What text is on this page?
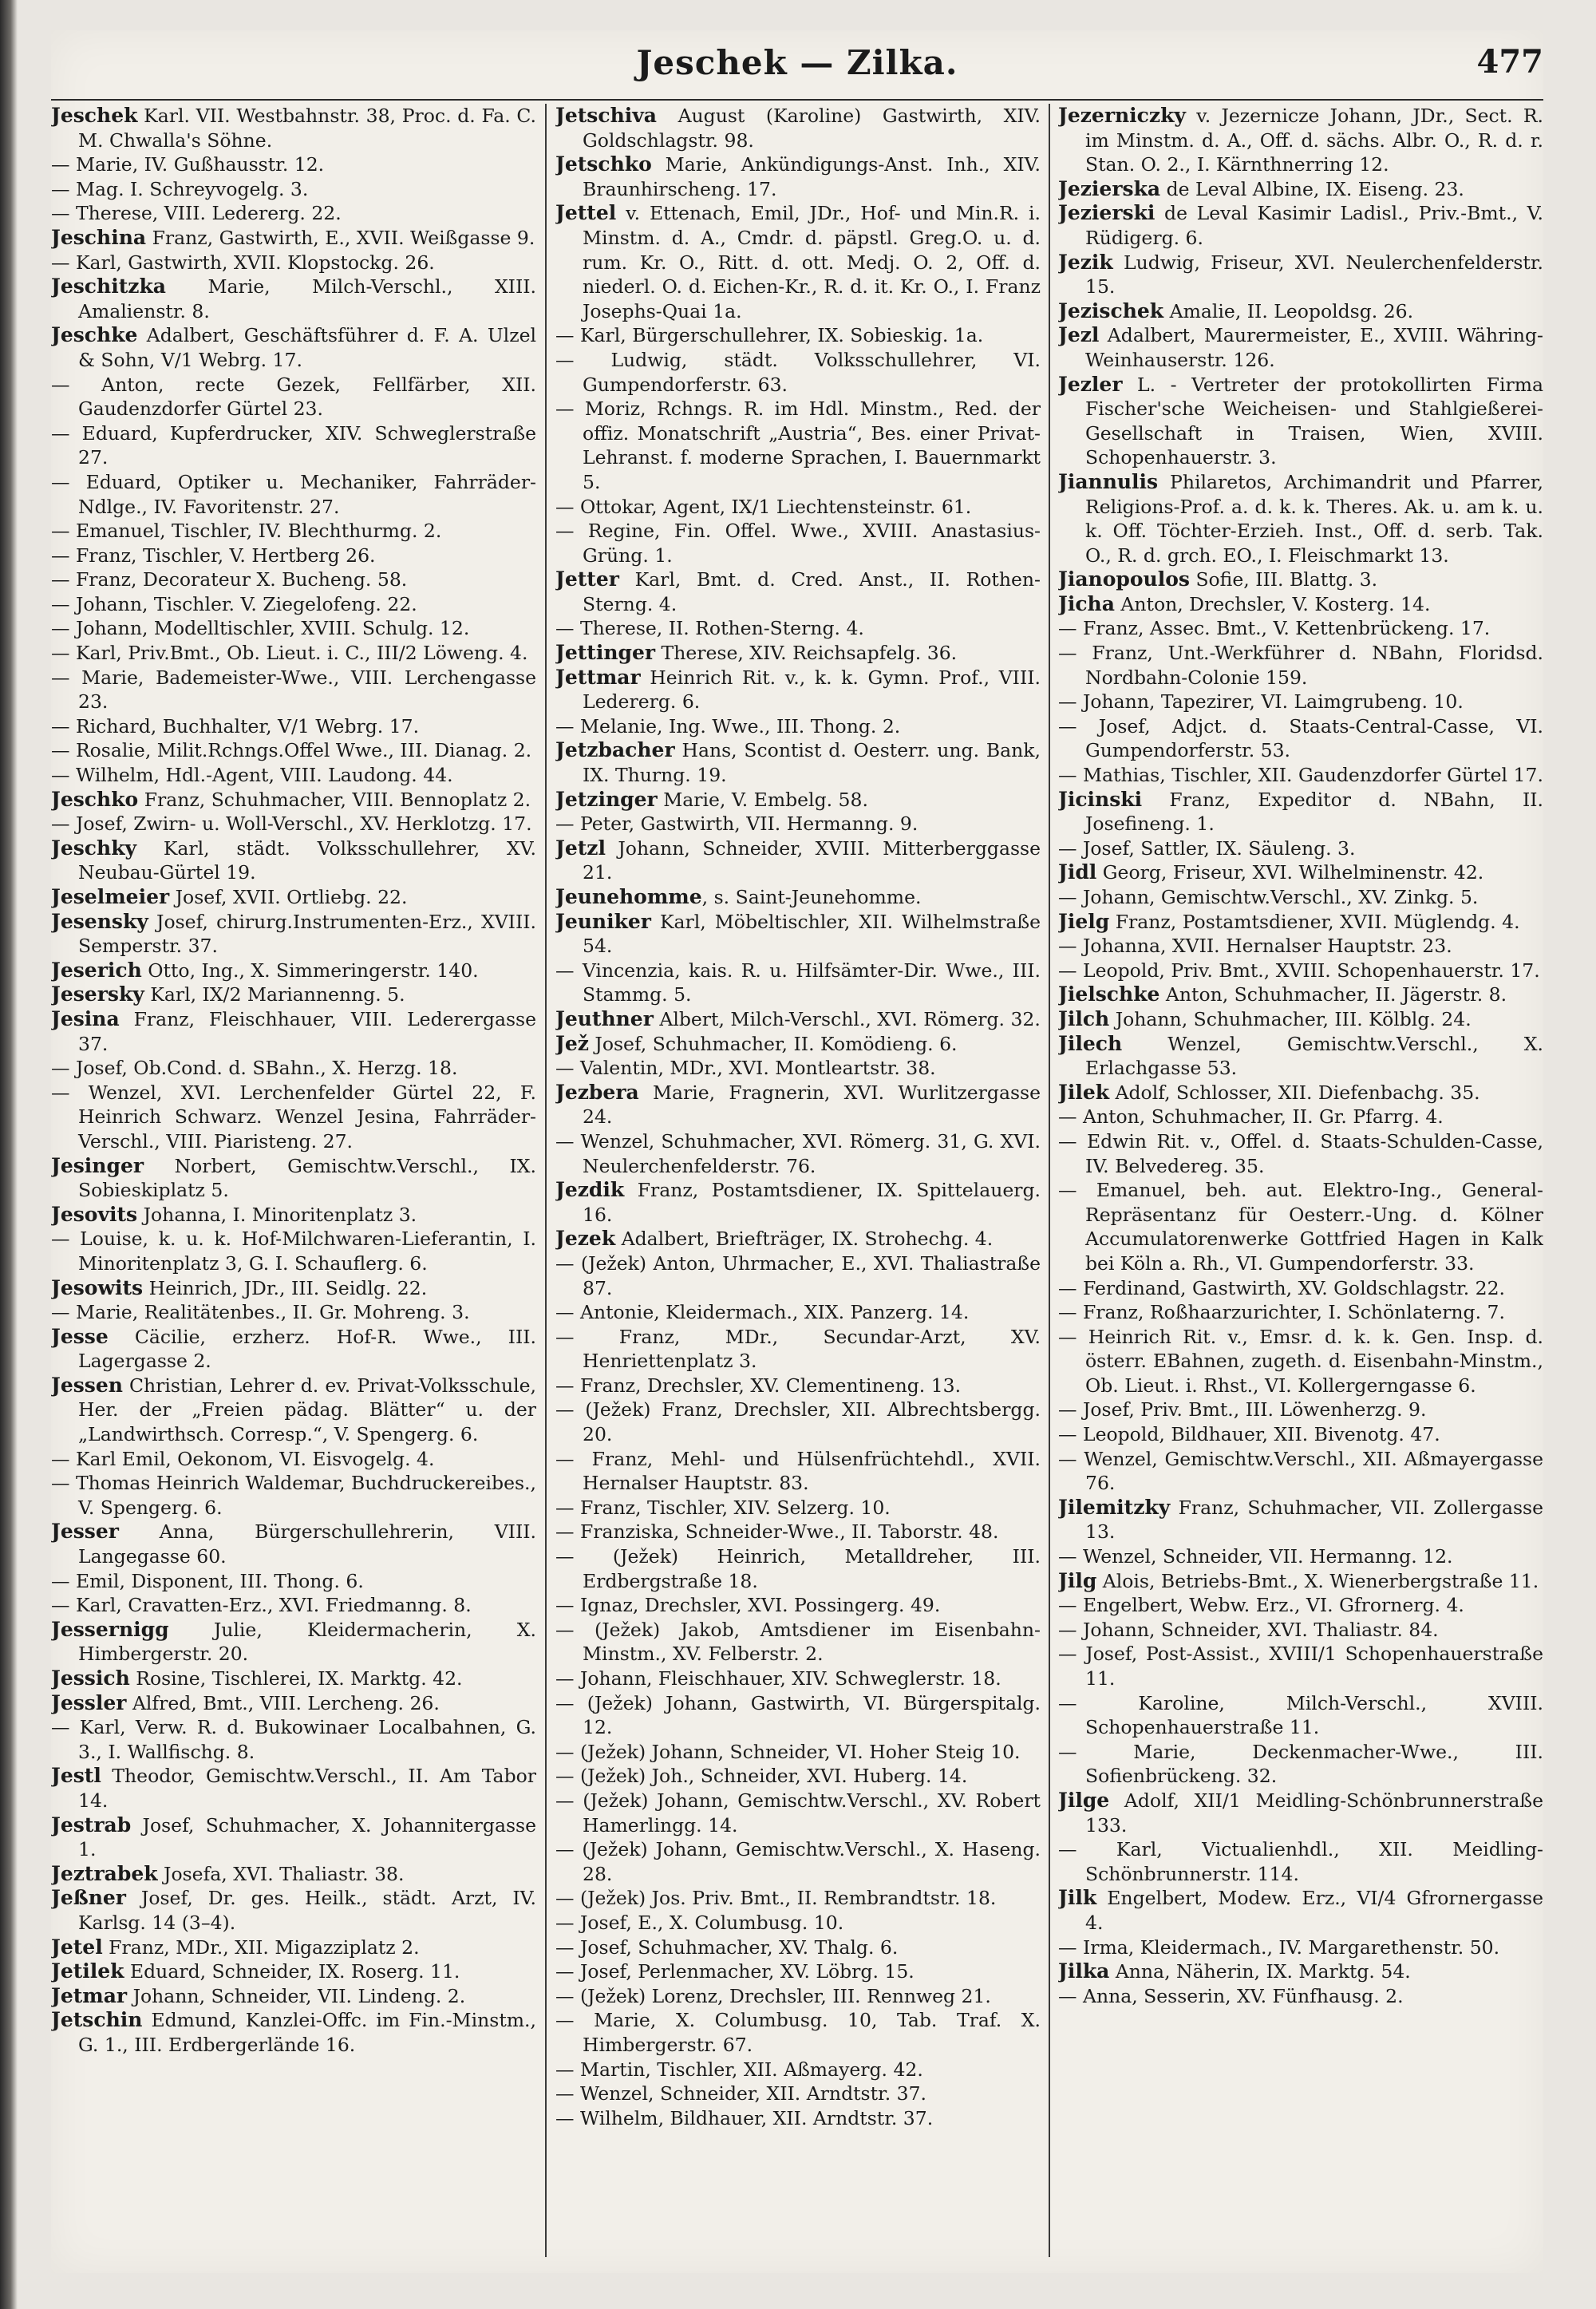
Jeschek — Zilka.	477

Jeschek Karl. VII. Westbahnstr. 38, Proc. d. Fa. C. M. Chwalla's Söhne.

— Marie, IV. Gußhausstr. 12.

— Mag. I. Schreyvogelg. 3.

— Therese, VIII. Ledererg. 22.

Jeschina Franz, Gastwirth, E., XVII. Weißgasse 9.

— Karl, Gastwirth, XVII. Klopstockg. 26.

Jeschitzka Marie, Milch-Verschl., XIII. Amalienstr. 8.

Jeschke Adalbert, Geschäftsführer d. F. A. Ulzel & Sohn, V/1 Webrg. 17.

— Anton, recte Gezek, Fellfärber, XII. Gaudenzdorfer Gürtel 23.

— Eduard, Kupferdrucker, XIV. Schweglerstraße 27.

— Eduard, Optiker u. Mechaniker, Fahrräder-Ndlge., IV. Favoritenstr. 27.

— Emanuel, Tischler, IV. Blechthurmg. 2.

— Franz, Tischler, V. Hertberg 26.

— Franz, Decorateur X. Bucheng. 58.

— Johann, Tischler. V. Ziegelofeng. 22.

— Johann, Modelltischler, XVIII. Schulg. 12.

— Karl, Priv.Bmt., Ob. Lieut. i. C., III/2 Löweng. 4.

— Marie, Bademeister-Wwe., VIII. Lerchengasse 23.

— Richard, Buchhalter, V/1 Webrg. 17.

— Rosalie, Milit.Rchngs.Offel Wwe., III. Dianag. 2.

— Wilhelm, Hdl.-Agent, VIII. Laudong. 44.

Jeschko Franz, Schuhmacher, VIII. Bennoplatz 2.

— Josef, Zwirn- u. Woll-Verschl., XV. Herklotzg. 17.

Jeschky Karl, städt. Volksschullehrer, XV. Neubau-Gürtel 19.

Jeselmeier Josef, XVII. Ortliebg. 22.

Jesensky Josef, chirurg.Instrumenten-Erz., XVIII. Semperstr. 37.

Jeserich Otto, Ing., X. Simmeringerstr. 140.

Jesersky Karl, IX/2 Mariannenng. 5.

Jesina Franz, Fleischhauer, VIII. Lederergasse 37.

— Josef, Ob.Cond. d. SBahn., X. Herzg. 18.

— Wenzel, XVI. Lerchenfelder Gürtel 22, F. Heinrich Schwarz. Wenzel Jesina, Fahrräder-Verschl., VIII. Piaristeng. 27.

Jesinger Norbert, Gemischtw.Verschl., IX. Sobieskiplatz 5.

Jesovits Johanna, I. Minoritenplatz 3.

— Louise, k. u. k. Hof-Milchwaren-Lieferantin, I. Minoritenplatz 3, G. I. Schauflerg. 6.

Jesowits Heinrich, JDr., III. Seidlg. 22.

— Marie, Realitätenbes., II. Gr. Mohreng. 3.

Jesse Cäcilie, erzherz. Hof-R. Wwe., III. Lagergasse 2.

Jessen Christian, Lehrer d. ev. Privat-Volksschule, Her. der „Freien pädag. Blätter“ u. der „Landwirthsch. Corresp.“, V. Spengerg. 6.

— Karl Emil, Oekonom, VI. Eisvogelg. 4.

— Thomas Heinrich Waldemar, Buchdruckereibes., V. Spengerg. 6.

Jesser Anna, Bürgerschullehrerin, VIII. Langegasse 60.

— Emil, Disponent, III. Thong. 6.

— Karl, Cravatten-Erz., XVI. Friedmanng. 8.

Jessernigg Julie, Kleidermacherin, X. Himbergerstr. 20.

Jessich Rosine, Tischlerei, IX. Marktg. 42.

Jessler Alfred, Bmt., VIII. Lercheng. 26.

— Karl, Verw. R. d. Bukowinaer Localbahnen, G. 3., I. Wallfischg. 8.

Jestl Theodor, Gemischtw.Verschl., II. Am Tabor 14.

Jestrab Josef, Schuhmacher, X. Johannitergasse 1.

Jeztrabek Josefa, XVI. Thaliastr. 38.

Jeßner Josef, Dr. ges. Heilk., städt. Arzt, IV. Karlsg. 14 (3–4).

Jetel Franz, MDr., XII. Migazziplatz 2.

Jetilek Eduard, Schneider, IX. Roserg. 11.

Jetmar Johann, Schneider, VII. Lindeng. 2.

Jetschin Edmund, Kanzlei-Offc. im Fin.-Minstm., G. 1., III. Erdbergerlände 16.

Jetschiva August (Karoline) Gastwirth, XIV. Goldschlagstr. 98.

Jetschko Marie, Ankündigungs-Anst. Inh., XIV. Braunhirscheng. 17.

Jettel v. Ettenach, Emil, JDr., Hof- und Min.R. i. Minstm. d. A., Cmdr. d. päpstl. Greg.O. u. d. rum. Kr. O., Ritt. d. ott. Medj. O. 2, Off. d. niederl. O. d. Eichen-Kr., R. d. it. Kr. O., I. Franz Josephs-Quai 1a.

— Karl, Bürgerschullehrer, IX. Sobieskig. 1a.

— Ludwig, städt. Volksschullehrer, VI. Gumpendorferstr. 63.

— Moriz, Rchngs. R. im Hdl. Minstm., Red. der offiz. Monatschrift „Austria“, Bes. einer Privat-Lehranst. f. moderne Sprachen, I. Bauernmarkt 5.

— Ottokar, Agent, IX/1 Liechtensteinstr. 61.

— Regine, Fin. Offel. Wwe., XVIII. Anastasius-Grüng. 1.

Jetter Karl, Bmt. d. Cred. Anst., II. Rothen-Sterng. 4.

— Therese, II. Rothen-Sterng. 4.

Jettinger Therese, XIV. Reichsapfelg. 36.

Jettmar Heinrich Rit. v., k. k. Gymn. Prof., VIII. Ledererg. 6.

— Melanie, Ing. Wwe., III. Thong. 2.

Jetzbacher Hans, Scontist d. Oesterr. ung. Bank, IX. Thurng. 19.

Jetzinger Marie, V. Embelg. 58.

— Peter, Gastwirth, VII. Hermanng. 9.

Jetzl Johann, Schneider, XVIII. Mitterberggasse 21.

Jeunehomme, s. Saint-Jeunehomme.

Jeuniker Karl, Möbeltischler, XII. Wilhelmstraße 54.

— Vincenzia, kais. R. u. Hilfsämter-Dir. Wwe., III. Stammg. 5.

Jeuthner Albert, Milch-Verschl., XVI. Römerg. 32.

Jež Josef, Schuhmacher, II. Komödieng. 6.

— Valentin, MDr., XVI. Montleartstr. 38.

Jezbera Marie, Fragnerin, XVI. Wurlitzergasse 24.

— Wenzel, Schuhmacher, XVI. Römerg. 31, G. XVI. Neulerchenfelderstr. 76.

Jezdik Franz, Postamtsdiener, IX. Spittelauerg. 16.

Jezek Adalbert, Briefträger, IX. Strohechg. 4.

— (Ježek) Anton, Uhrmacher, E., XVI. Thaliastraße 87.

— Antonie, Kleidermach., XIX. Panzerg. 14.

— Franz, MDr., Secundar-Arzt, XV. Henriettenplatz 3.

— Franz, Drechsler, XV. Clementineng. 13.

— (Ježek) Franz, Drechsler, XII. Albrechtsbergg. 20.

— Franz, Mehl- und Hülsenfrüchtehdl., XVII. Hernalser Hauptstr. 83.

— Franz, Tischler, XIV. Selzerg. 10.

— Franziska, Schneider-Wwe., II. Taborstr. 48.

— (Ježek) Heinrich, Metalldreher, III. Erdbergstraße 18.

— Ignaz, Drechsler, XVI. Possingerg. 49.

— (Ježek) Jakob, Amtsdiener im Eisenbahn-Minstm., XV. Felberstr. 2.

— Johann, Fleischhauer, XIV. Schweglerstr. 18.

— (Ježek) Johann, Gastwirth, VI. Bürgerspitalg. 12.

— (Ježek) Johann, Schneider, VI. Hoher Steig 10.

— (Ježek) Joh., Schneider, XVI. Huberg. 14.

— (Ježek) Johann, Gemischtw.Verschl., XV. Robert Hamerlingg. 14.

— (Ježek) Johann, Gemischtw.Verschl., X. Haseng. 28.

— (Ježek) Jos. Priv. Bmt., II. Rembrandtstr. 18.

— Josef, E., X. Columbusg. 10.

— Josef, Schuhmacher, XV. Thalg. 6.

— Josef, Perlenmacher, XV. Löbrg. 15.

— (Ježek) Lorenz, Drechsler, III. Rennweg 21.

— Marie, X. Columbusg. 10, Tab. Traf. X. Himbergerstr. 67.

— Martin, Tischler, XII. Aßmayerg. 42.

— Wenzel, Schneider, XII. Arndtstr. 37.

— Wilhelm, Bildhauer, XII. Arndtstr. 37.

Jezerniczky v. Jezernicze Johann, JDr., Sect. R. im Minstm. d. A., Off. d. sächs. Albr. O., R. d. r. Stan. O. 2., I. Kärnthnerring 12.

Jezierska de Leval Albine, IX. Eiseng. 23.

Jezierski de Leval Kasimir Ladisl., Priv.-Bmt., V. Rüdigerg. 6.

Jezik Ludwig, Friseur, XVI. Neulerchenfelderstr. 15.

Jezischek Amalie, II. Leopoldsg. 26.

Jezl Adalbert, Maurermeister, E., XVIII. Währing-Weinhauserstr. 126.

Jezler L. - Vertreter der protokollirten Firma Fischer'sche Weicheisen- und Stahlgießerei-Gesellschaft in Traisen, Wien, XVIII. Schopenhauerstr. 3.

Jiannulis Philaretos, Archimandrit und Pfarrer, Religions-Prof. a. d. k. k. Theres. Ak. u. am k. u. k. Off. Töchter-Erzieh. Inst., Off. d. serb. Tak. O., R. d. grch. EO., I. Fleischmarkt 13.

Jianopoulos Sofie, III. Blattg. 3.

Jicha Anton, Drechsler, V. Kosterg. 14.

— Franz, Assec. Bmt., V. Kettenbrückeng. 17.

— Franz, Unt.-Werkführer d. NBahn, Floridsd. Nordbahn-Colonie 159.

— Johann, Tapezirer, VI. Laimgrubeng. 10.

— Josef, Adjct. d. Staats-Central-Casse, VI. Gumpendorferstr. 53.

— Mathias, Tischler, XII. Gaudenzdorfer Gürtel 17.

Jicinski Franz, Expeditor d. NBahn, II. Josefineng. 1.

— Josef, Sattler, IX. Säuleng. 3.

Jidl Georg, Friseur, XVI. Wilhelminenstr. 42.

— Johann, Gemischtw.Verschl., XV. Zinkg. 5.

Jielg Franz, Postamtsdiener, XVII. Müglendg. 4.

— Johanna, XVII. Hernalser Hauptstr. 23.

— Leopold, Priv. Bmt., XVIII. Schopenhauerstr. 17.

Jielschke Anton, Schuhmacher, II. Jägerstr. 8.

Jilch Johann, Schuhmacher, III. Kölblg. 24.

Jilech Wenzel, Gemischtw.Verschl., X. Erlachgasse 53.

Jilek Adolf, Schlosser, XII. Diefenbachg. 35.

— Anton, Schuhmacher, II. Gr. Pfarrg. 4.

— Edwin Rit. v., Offel. d. Staats-Schulden-Casse, IV. Belvedereg. 35.

— Emanuel, beh. aut. Elektro-Ing., General-Repräsentanz für Oesterr.-Ung. d. Kölner Accumulatorenwerke Gottfried Hagen in Kalk bei Köln a. Rh., VI. Gumpendorferstr. 33.

— Ferdinand, Gastwirth, XV. Goldschlagstr. 22.

— Franz, Roßhaarzurichter, I. Schönlaterng. 7.

— Heinrich Rit. v., Emsr. d. k. k. Gen. Insp. d. österr. EBahnen, zugeth. d. Eisenbahn-Minstm., Ob. Lieut. i. Rhst., VI. Kollergerngasse 6.

— Josef, Priv. Bmt., III. Löwenherzg. 9.

— Leopold, Bildhauer, XII. Bivenotg. 47.

— Wenzel, Gemischtw.Verschl., XII. Aßmayergasse 76.

Jilemitzky Franz, Schuhmacher, VII. Zollergasse 13.

— Wenzel, Schneider, VII. Hermanng. 12.

Jilg Alois, Betriebs-Bmt., X. Wienerbergstraße 11.

— Engelbert, Webw. Erz., VI. Gfrornerg. 4.

— Johann, Schneider, XVI. Thaliastr. 84.

— Josef, Post-Assist., XVIII/1 Schopenhauerstraße 11.

— Karoline, Milch-Verschl., XVIII. Schopenhauerstraße 11.

— Marie, Deckenmacher-Wwe., III. Sofienbrückeng. 32.

Jilge Adolf, XII/1 Meidling-Schönbrunnerstraße 133.

— Karl, Victualienhdl., XII. Meidling-Schönbrunnerstr. 114.

Jilk Engelbert, Modew. Erz., VI/4 Gfrornergasse 4.

— Irma, Kleidermach., IV. Margarethenstr. 50.

Jilka Anna, Näherin, IX. Marktg. 54.

— Anna, Sesserin, XV. Fünfhausg. 2.
